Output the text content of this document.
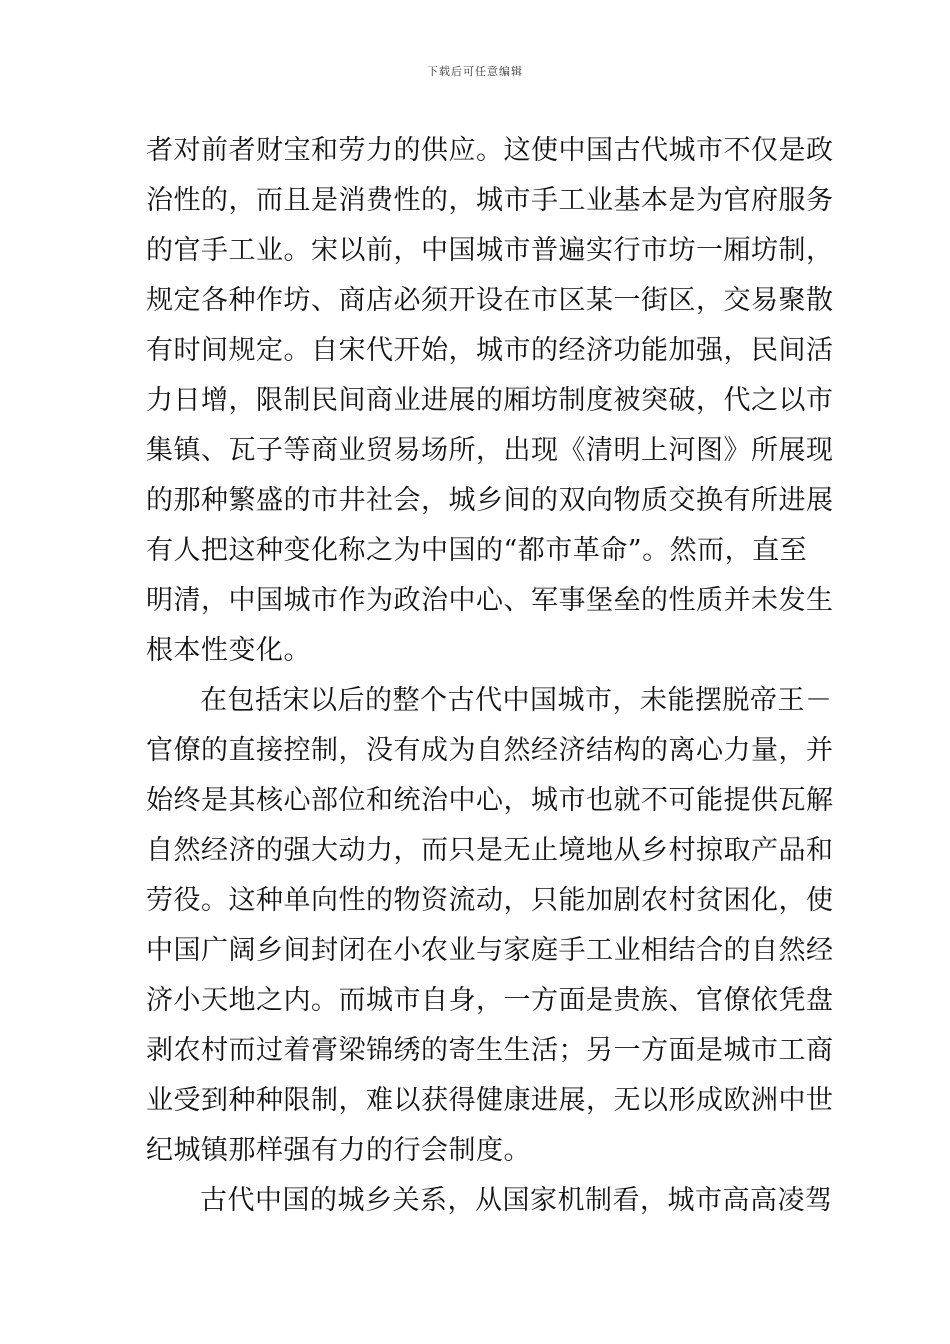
下载后可任意编辑
者对前者财宝和劳力的供应。这使中国古代城市不仅是政
治性的，而且是消费性的，城市手工业基本是为官府服务
的官手工业。宋以前，中国城市普遍实行市坊一厢坊制，
规定各种作坊、商店必须开设在市区某一街区，交易聚散
有时间规定。自宋代开始，城市的经济功能加强，民间活
力日增，限制民间商业进展的厢坊制度被突破，代之以市
集镇、瓦子等商业贸易场所，出现《清明上河图》所展现
的那种繁盛的市井社会，城乡间的双向物质交换有所进展
有人把这种变化称之为中国的“都市革命”。然而，直至
明清，中国城市作为政治中心、军事堡垒的性质并未发生
根本性变化。
在包括宋以后的整个古代中国城市，未能摆脱帝王－
官僚的直接控制，没有成为自然经济结构的离心力量，并
始终是其核心部位和统治中心，城市也就不可能提供瓦解
自然经济的强大动力，而只是无止境地从乡村掠取产品和
劳役。这种单向性的物资流动，只能加剧农村贫困化，使
中国广阔乡间封闭在小农业与家庭手工业相结合的自然经
济小天地之内。而城市自身，一方面是贵族、官僚依凭盘
剥农村而过着膏梁锦绣的寄生生活；另一方面是城市工商
业受到种种限制，难以获得健康进展，无以形成欧洲中世
纪城镇那样强有力的行会制度。
古代中国的城乡关系，从国家机制看，城市高高凌驾
